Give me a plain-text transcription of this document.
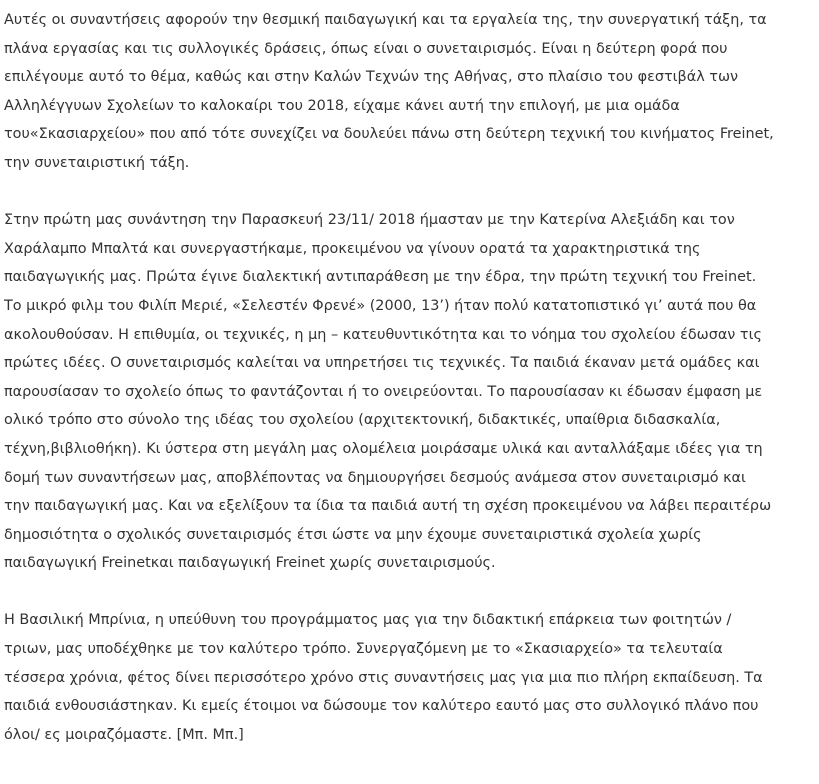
Αυτές οι συναντήσεις αφορούν την θεσμική παιδαγωγική και τα εργαλεία της, την συνεργατική τάξη, τα
πλάνα εργασίας και τις συλλογικές δράσεις, όπως είναι ο συνεταιρισμός. Είναι η δεύτερη φορά που
επιλέγουμε αυτό το θέμα, καθώς και στην Καλών Τεχνών της Αθήνας, στο πλαίσιο του φεστιβάλ των
Αλληλέγγυων Σχολείων το καλοκαίρι του 2018, είχαμε κάνει αυτή την επιλογή, με μια ομάδα
του«Σκασιαρχείου» που από τότε συνεχίζει να δουλεύει πάνω στη δεύτερη τεχνική του κινήματος Freinet,
την συνεταιριστική τάξη.

Στην πρώτη μας συνάντηση την Παρασκευή 23/11/ 2018 ήμασταν με την Κατερίνα Αλεξιάδη και τον
Χαράλαμπο Μπαλτά και συνεργαστήκαμε, προκειμένου να γίνουν ορατά τα χαρακτηριστικά της
παιδαγωγικής μας. Πρώτα έγινε διαλεκτική αντιπαράθεση με την έδρα, την πρώτη τεχνική του Freinet.
Το μικρό φιλμ του Φιλίπ Μεριέ, «Σελεστέν Φρενέ» (2000, 13’) ήταν πολύ κατατοπιστικό γι’ αυτά που θα
ακολουθούσαν. Η επιθυμία, οι τεχνικές, η μη – κατευθυντικότητα και το νόημα του σχολείου έδωσαν τις
πρώτες ιδέες. Ο συνεταιρισμός καλείται να υπηρετήσει τις τεχνικές. Τα παιδιά έκαναν μετά ομάδες και
παρουσίασαν το σχολείο όπως το φαντάζονται ή το ονειρεύονται. Το παρουσίασαν κι έδωσαν έμφαση με
ολικό τρόπο στο σύνολο της ιδέας του σχολείου (αρχιτεκτονική, διδακτικές, υπαίθρια διδασκαλία,
τέχνη,βιβλιοθήκη). Κι ύστερα στη μεγάλη μας ολομέλεια μοιράσαμε υλικά και ανταλλάξαμε ιδέες για τη
δομή των συναντήσεων μας, αποβλέποντας να δημιουργήσει δεσμούς ανάμεσα στον συνεταιρισμό και
την παιδαγωγική μας. Και να εξελίξουν τα ίδια τα παιδιά αυτή τη σχέση προκειμένου να λάβει περαιτέρω
δημοσιότητα ο σχολικός συνεταιρισμός έτσι ώστε να μην έχουμε συνεταιριστικά σχολεία χωρίς
παιδαγωγική Freinetκαι παιδαγωγική Freinet χωρίς συνεταιρισμούς.

Η Βασιλική Μπρίνια, η υπεύθυνη του προγράμματος μας για την διδακτική επάρκεια των φοιτητών /
τριων, μας υποδέχθηκε με τον καλύτερο τρόπο. Συνεργαζόμενη με το «Σκασιαρχείο» τα τελευταία
τέσσερα χρόνια, φέτος δίνει περισσότερο χρόνο στις συναντήσεις μας για μια πιο πλήρη εκπαίδευση. Τα
παιδιά ενθουσιάστηκαν. Κι εμείς έτοιμοι να δώσουμε τον καλύτερο εαυτό μας στο συλλογικό πλάνο που
όλοι/ ες μοιραζόμαστε. [Μπ. Μπ.]
